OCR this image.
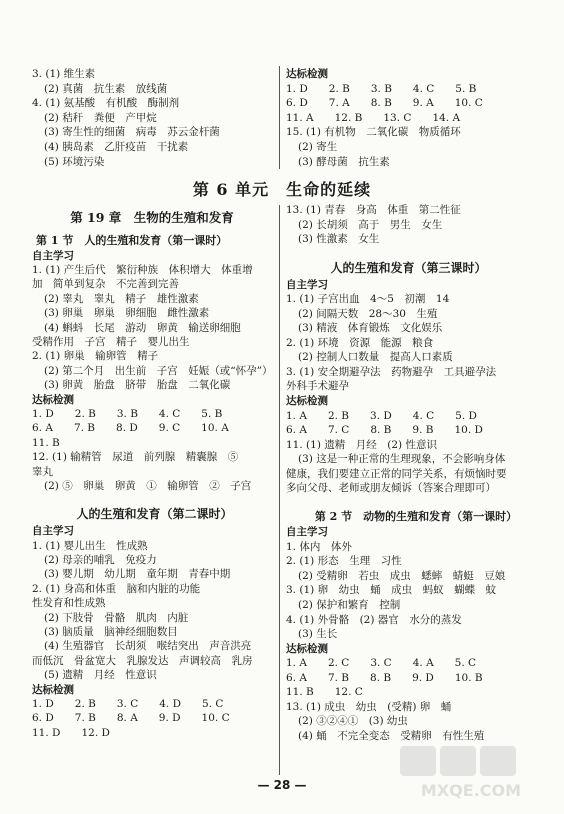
3. (1) 维生素
(2) 真菌　抗生素　放线菌
4. (1) 氨基酸　有机酸　酶制剂
(2) 秸秆　粪便　产甲烷
(3) 寄生性的细菌　病毒　苏云金杆菌
(4) 胰岛素　乙肝疫苗　干扰素
(5) 环境污染
达标检测
1. D　　2. B　　3. B　　4. C　　5. B
6. D　　7. A　　8. B　　9. A　　10. C
11. A　　12. B　　13. C　　14. A
15. (1) 有机物　二氧化碳　物质循环
(2) 寄生
(3) 酵母菌　抗生素
第 6 单元　生命的延续
第 19 章　生物的生殖和发育
第 1 节　人的生殖和发育（第一课时）
自主学习
1. (1) 产生后代　繁衍种族　体积增大　体重增
加　简单到复杂　不完善到完善
(2) 睾丸　睾丸　精子　雄性激素
(3) 卵巢　卵巢　卵细胞　雌性激素
(4) 蝌蚪　长尾　游动　卵黄　输送卵细胞
受精作用　子宫　精子　婴儿出生
2. (1) 卵巢　输卵管　精子
(2) 第二个月　出生前　子宫　妊娠（或“怀孕”）
(3) 卵黄　胎盘　脐带　胎盘　二氧化碳
达标检测
1. D　　2. B　　3. B　　4. C　　5. B
6. A　　7. B　　8. D　　9. C　　10. A
11. B
12. (1) 输精管　尿道　前列腺　精囊腺　⑤
睾丸
(2) ⑤　卵巢　卵黄　①　输卵管　②　子宫
人的生殖和发育（第二课时）
自主学习
1. (1) 婴儿出生　性成熟
(2) 母亲的哺乳　免疫力
(3) 婴儿期　幼儿期　童年期　青春中期
2. (1) 身高和体重　脑和内脏的功能
性发育和性成熟
(2) 下肢骨　骨骼　肌肉　内脏
(3) 脑质量　脑神经细胞数目
(4) 生殖器官　长胡须　喉结突出　声音洪亮
而低沉　骨盆宽大　乳腺发达　声调较高　乳房
(5) 遗精　月经　性意识
达标检测
1. D　　2. B　　3. C　　4. D　　5. C
6. D　　7. B　　8. A　　9. D　　10. C
11. D　　12. D
13. (1) 青春　身高　体重　第二性征
(2) 长胡须　高于　男生　女生
(3) 性激素　女生
人的生殖和发育（第三课时）
自主学习
1. (1) 子宫出血　4～5　初潮　14
(2) 间隔天数　28～30　生殖
(3) 精液　体育锻炼　文化娱乐
2. (1) 环境　资源　能源　粮食
(2) 控制人口数量　提高人口素质
3. (1) 安全期避孕法　药物避孕　工具避孕法
外科手术避孕
达标检测
1. A　　2. B　　3. D　　4. C　　5. D
6. A　　7. C　　8. B　　9. B　　10. D
11. (1) 遗精　月经　(2) 性意识
(3) 这是一种正常的生理现象，不会影响身体
健康，我们要建立正常的同学关系，有烦恼时要
多向父母、老师或朋友倾诉（答案合理即可）
第 2 节　动物的生殖和发育（第一课时）
自主学习
1. 体内　体外
2. (1) 形态　生理　习性
(2) 受精卵　若虫　成虫　蟋蟀　蜻蜓　豆娘
3. (1) 卵　幼虫　蛹　成虫　蚂蚁　蝴蝶　蚊
(2) 保护和繁育　控制
4. (1) 外骨骼　(2) 器官　水分的蒸发
(3) 生长
达标检测
1. A　　2. C　　3. C　　4. A　　5. C
6. A　　7. B　　8. B　　9. D　　10. B
11. B　　12. C
13. (1) 成虫　幼虫　(受精) 卵　蛹
(2) ③②④①　(3) 幼虫
(4) 蛹　不完全变态　受精卵　有性生殖
— 28 —	MXQE.COM
